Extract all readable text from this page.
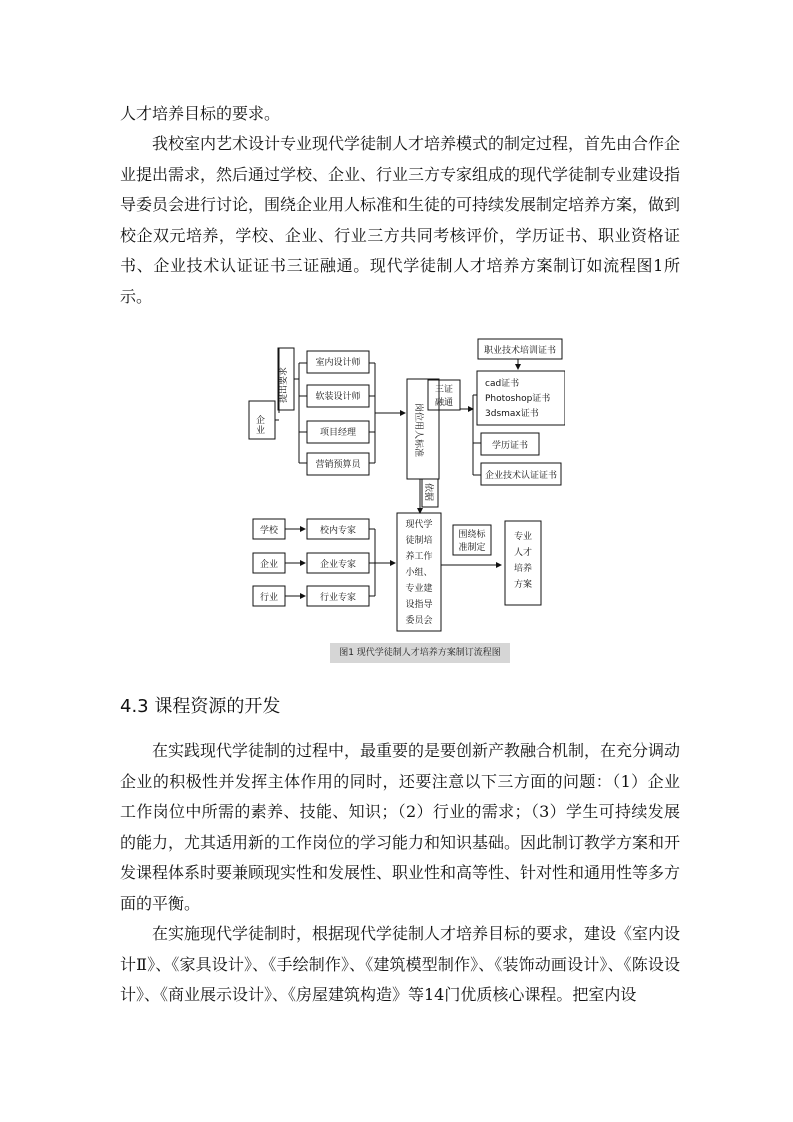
人才培养目标的要求。

　　我校室内艺术设计专业现代学徒制人才培养模式的制定过程，首先由合作企业提出需求，然后通过学校、企业、行业三方专家组成的现代学徒制专业建设指导委员会进行讨论，围绕企业用人标准和生徒的可持续发展制定培养方案，做到校企双元培养，学校、企业、行业三方共同考核评价，学历证书、职业资格证书、企业技术认证证书三证融通。现代学徒制人才培养方案制订如流程图1所示。

企
业
提出要求
室内设计师
软装设计师
项目经理
营销预算员
岗位用人标准
三证
融通
职业技术培训证书
cad证书
Photoshop证书
3dsmax证书
学历证书
企业技术认证证书
依据
学校
企业
行业
校内专家
企业专家
行业专家
现代学
徒制培
养工作
小组、
专业建
设指导
委员会
围绕标
准制定
专业
人才
培养
方案
图1 现代学徒制人才培养方案制订流程图
4.3 课程资源的开发

　　在实践现代学徒制的过程中，最重要的是要创新产教融合机制，在充分调动企业的积极性并发挥主体作用的同时，还要注意以下三方面的问题：（1）企业工作岗位中所需的素养、技能、知识；（2）行业的需求；（3）学生可持续发展的能力，尤其适用新的工作岗位的学习能力和知识基础。因此制订教学方案和开发课程体系时要兼顾现实性和发展性、职业性和高等性、针对性和通用性等多方面的平衡。

　　在实施现代学徒制时，根据现代学徒制人才培养目标的要求，建设《室内设计Ⅱ》、《家具设计》、《手绘制作》、《建筑模型制作》、《装饰动画设计》、《陈设设计》、《商业展示设计》、《房屋建筑构造》等14门优质核心课程。把室内设
